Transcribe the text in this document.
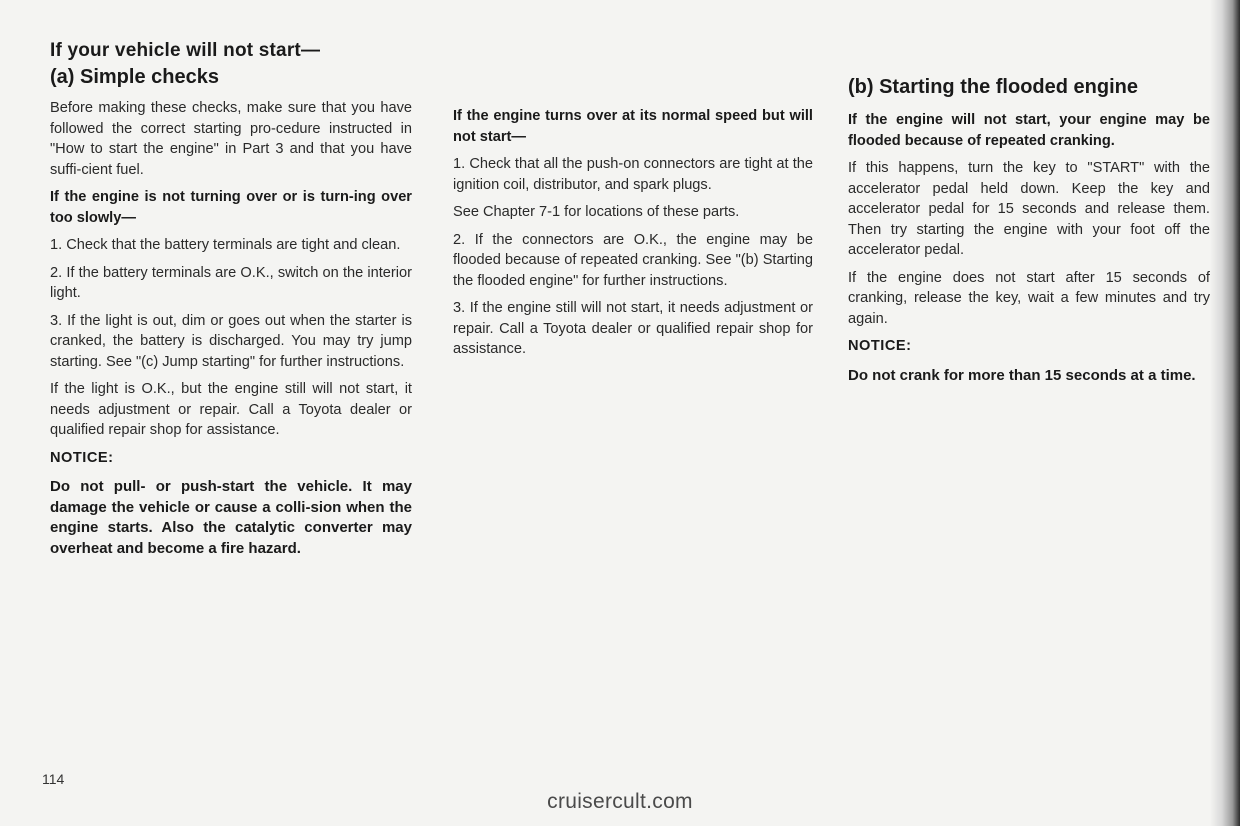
If your vehicle will not start—
(a) Simple checks

Before making these checks, make sure that you have followed the correct starting pro-cedure instructed in "How to start the engine" in Part 3 and that you have suffi-cient fuel.

If the engine is not turning over or is turn-ing over too slowly—

1. Check that the battery terminals are tight and clean.

2. If the battery terminals are O.K., switch on the interior light.

3. If the light is out, dim or goes out when the starter is cranked, the battery is discharged. You may try jump starting. See "(c) Jump starting" for further instructions.

If the light is O.K., but the engine still will not start, it needs adjustment or repair. Call a Toyota dealer or qualified repair shop for assistance.

NOTICE:

Do not pull- or push-start the vehicle. It may damage the vehicle or cause a colli-sion when the engine starts. Also the catalytic converter may overheat and become a fire hazard.

If the engine turns over at its normal speed but will not start—

1. Check that all the push-on connectors are tight at the ignition coil, distributor, and spark plugs.

See Chapter 7-1 for locations of these parts.

2. If the connectors are O.K., the engine may be flooded because of repeated cranking. See "(b) Starting the flooded engine" for further instructions.

3. If the engine still will not start, it needs adjustment or repair. Call a Toyota dealer or qualified repair shop for assistance.

(b) Starting the flooded engine

If the engine will not start, your engine may be flooded because of repeated cranking.

If this happens, turn the key to "START" with the accelerator pedal held down. Keep the key and accelerator pedal for 15 seconds and release them. Then try starting the engine with your foot off the accelerator pedal.

If the engine does not start after 15 seconds of cranking, release the key, wait a few minutes and try again.

NOTICE:

Do not crank for more than 15 seconds at a time.

114
cruisercult.com
